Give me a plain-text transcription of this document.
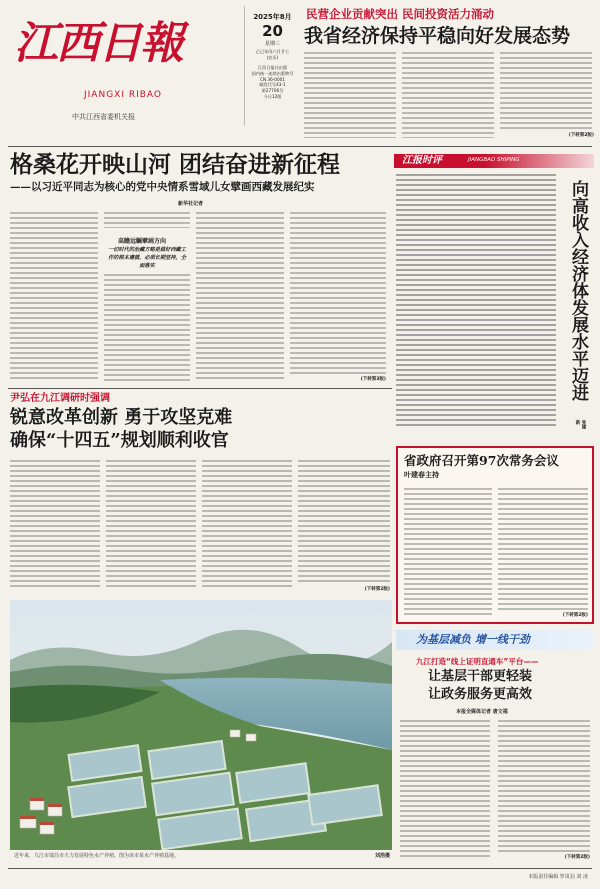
江西日報
JIANGXI RIBAO
中共江西省委机关报
2025年8月
20
星期三
乙巳年闰六月廿七
(农历)
江西日报社出版
国内统一连续出版物号
CN 36-0001
邮发代号43-1
第27706号
今日12版
民营企业贡献突出 民间投资活力涌动
我省经济保持平稳向好发展态势
(下转第2版)
格桑花开映山河 团结奋进新征程
——以习近平同志为核心的党中央情系雪域儿女擘画西藏发展纪实
新华社记者
高瞻远瞩擘画方向
一切时代的治藏方略是做好西藏工作的根本遵循，必须长期坚持，全面落实
(下转第3版)
江报时评	JIANGBAO SHIPING
向高收入经济体发展水平迈进
张建新
尹弘在九江调研时强调
锐意改革创新 勇于攻坚克难
确保“十四五”规划顺利收官
(下转第2版)
省政府召开第97次常务会议
叶建春主持
(下转第2版)
近年来，九江市瑞昌市大力发展特色水产养殖。图为该市某水产养殖基地。	刘浩摄
为基层减负 增一线干劲
九江打造“线上证明直通车”平台——
让基层干部更轻装
让政务服务更高效
本报全媒体记者 唐文福
(下转第2版)
本版责任编辑 罗岚羽 刘 凌
